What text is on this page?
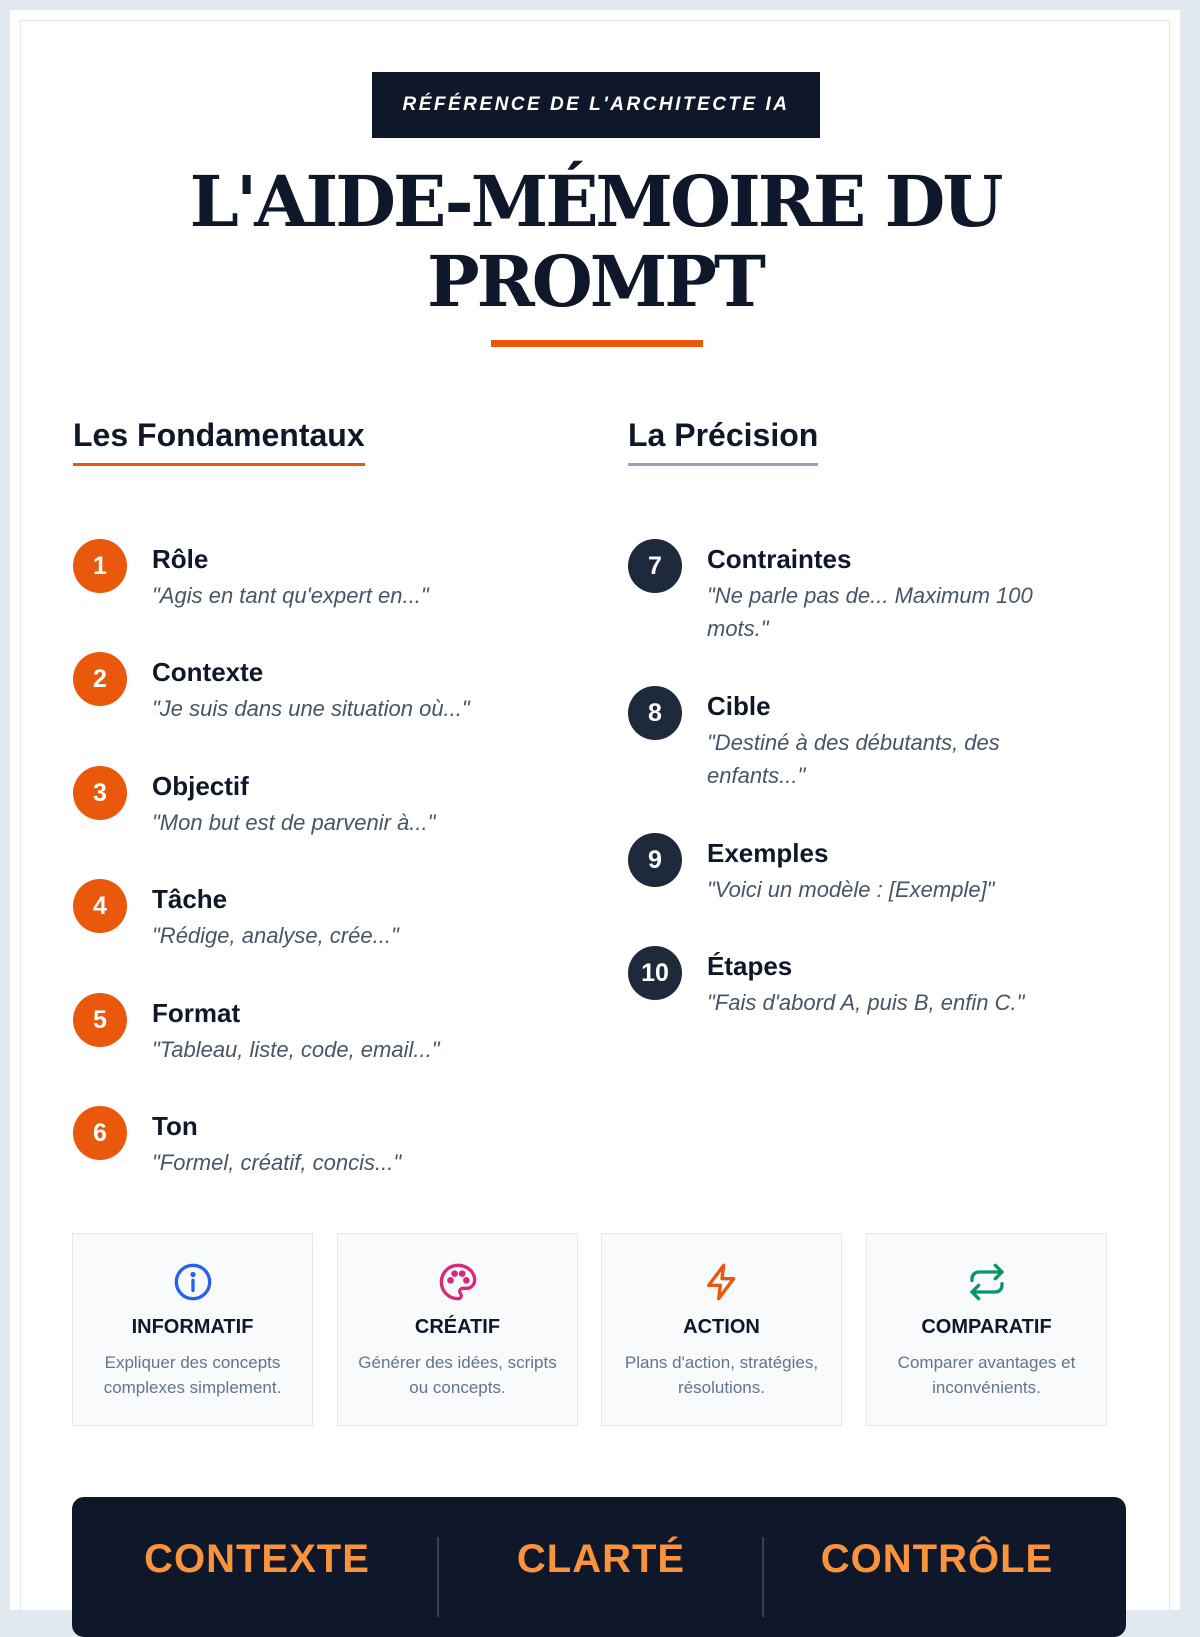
RÉFÉRENCE DE L'ARCHITECTE IA
L'AIDE-MÉMOIRE DU
PROMPT
Les Fondamentaux
1	Rôle
"Agis en tant qu'expert en..."
2	Contexte
"Je suis dans une situation où..."
3	Objectif
"Mon but est de parvenir à..."
4	Tâche
"Rédige, analyse, crée..."
5	Format
"Tableau, liste, code, email..."
6	Ton
"Formel, créatif, concis..."
La Précision
7	Contraintes
"Ne parle pas de... Maximum 100 mots."
8	Cible
"Destiné à des débutants, des enfants..."
9	Exemples
"Voici un modèle : [Exemple]"
10	Étapes
"Fais d'abord A, puis B, enfin C."
INFORMATIF
Expliquer des concepts complexes simplement.
CRÉATIF
Générer des idées, scripts ou concepts.
ACTION
Plans d'action, stratégies, résolutions.
COMPARATIF
Comparer avantages et inconvénients.
CONTEXTE	CLARTÉ	CONTRÔLE
